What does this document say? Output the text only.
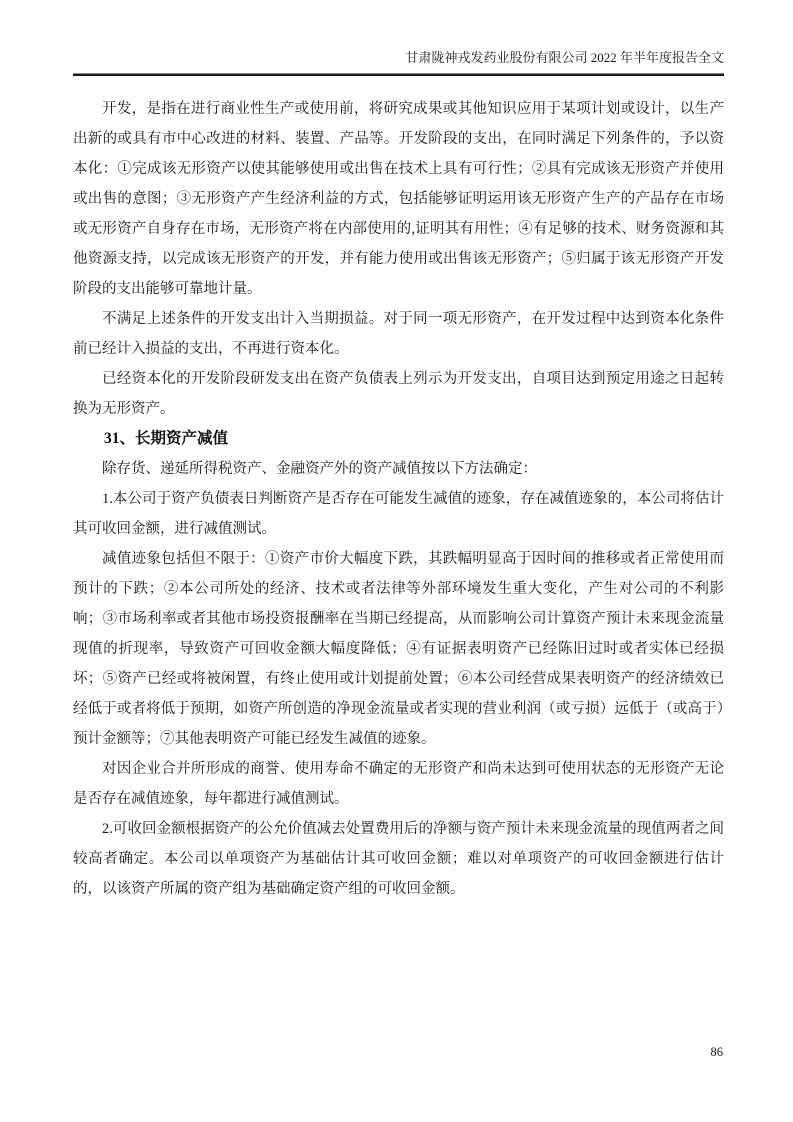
甘肃陇神戎发药业股份有限公司 2022 年半年度报告全文

开发，是指在进行商业性生产或使用前，将研究成果或其他知识应用于某项计划或设计，以生产出新的或具有市中心改进的材料、装置、产品等。开发阶段的支出，在同时满足下列条件的，予以资本化：①完成该无形资产以使其能够使用或出售在技术上具有可行性；②具有完成该无形资产并使用或出售的意图；③无形资产产生经济利益的方式，包括能够证明运用该无形资产生产的产品存在市场或无形资产自身存在市场，无形资产将在内部使用的,证明其有用性；④有足够的技术、财务资源和其他资源支持，以完成该无形资产的开发，并有能力使用或出售该无形资产；⑤归属于该无形资产开发阶段的支出能够可靠地计量。

不满足上述条件的开发支出计入当期损益。对于同一项无形资产，在开发过程中达到资本化条件前已经计入损益的支出，不再进行资本化。

已经资本化的开发阶段研发支出在资产负债表上列示为开发支出，自项目达到预定用途之日起转换为无形资产。

31、长期资产减值

除存货、递延所得税资产、金融资产外的资产减值按以下方法确定：

1.本公司于资产负债表日判断资产是否存在可能发生减值的迹象，存在减值迹象的，本公司将估计其可收回金额，进行减值测试。

减值迹象包括但不限于：①资产市价大幅度下跌，其跌幅明显高于因时间的推移或者正常使用而预计的下跌；②本公司所处的经济、技术或者法律等外部环境发生重大变化，产生对公司的不利影响；③市场利率或者其他市场投资报酬率在当期已经提高，从而影响公司计算资产预计未来现金流量现值的折现率，导致资产可回收金额大幅度降低；④有证据表明资产已经陈旧过时或者实体已经损坏；⑤资产已经或将被闲置，有终止使用或计划提前处置；⑥本公司经营成果表明资产的经济绩效已经低于或者将低于预期，如资产所创造的净现金流量或者实现的营业利润（或亏损）远低于（或高于）预计金额等；⑦其他表明资产可能已经发生减值的迹象。

对因企业合并所形成的商誉、使用寿命不确定的无形资产和尚未达到可使用状态的无形资产无论是否存在减值迹象，每年都进行减值测试。

2.可收回金额根据资产的公允价值减去处置费用后的净额与资产预计未来现金流量的现值两者之间较高者确定。本公司以单项资产为基础估计其可收回金额；难以对单项资产的可收回金额进行估计的，以该资产所属的资产组为基础确定资产组的可收回金额。

86
